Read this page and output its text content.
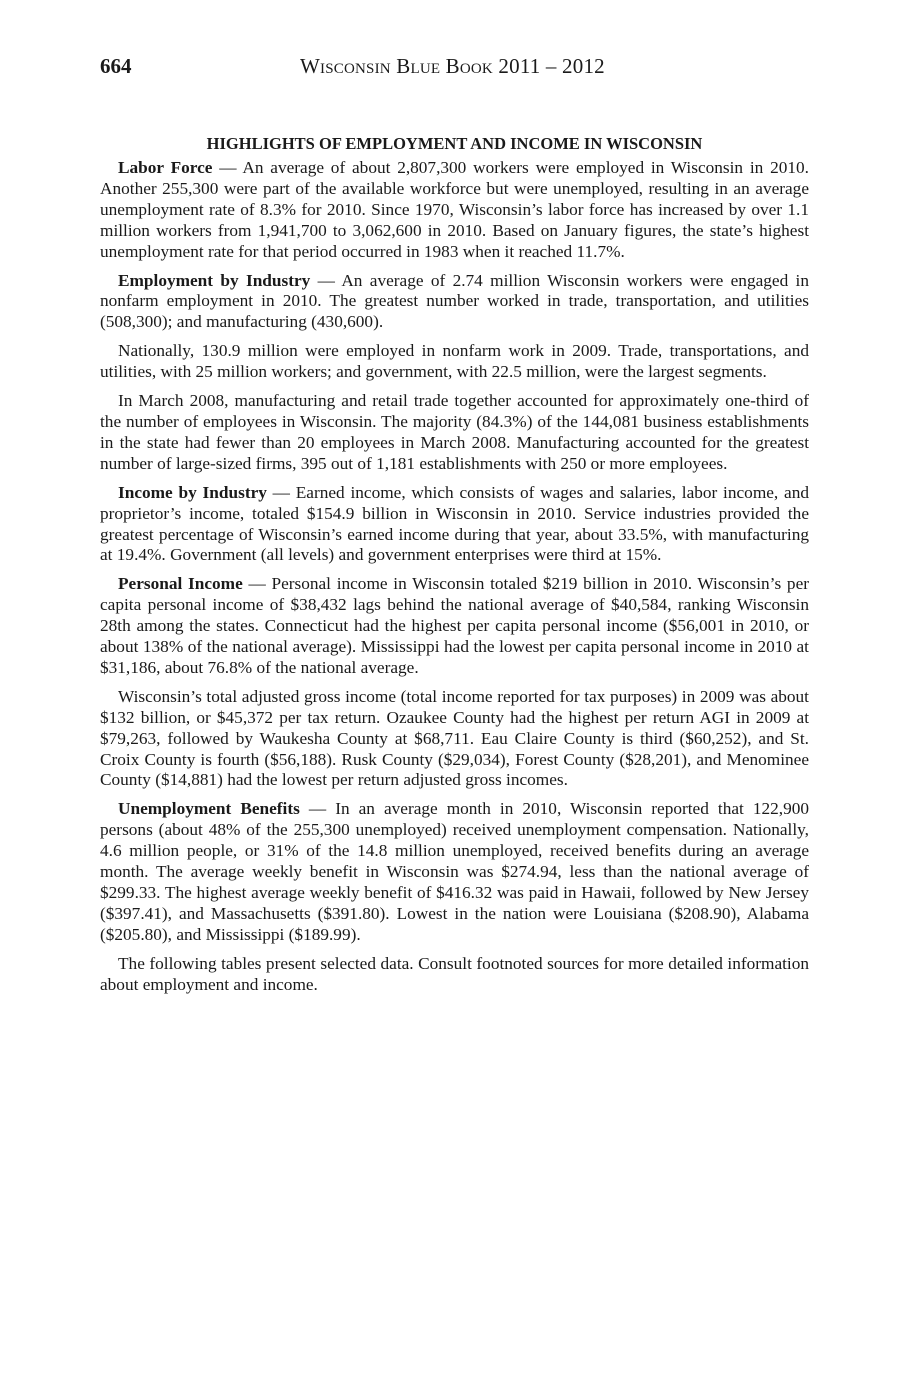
664	Wisconsin Blue Book 2011 – 2012
HIGHLIGHTS OF EMPLOYMENT AND INCOME IN WISCONSIN

Labor Force — An average of about 2,807,300 workers were employed in Wisconsin in 2010. Another 255,300 were part of the available workforce but were unemployed, resulting in an average unemployment rate of 8.3% for 2010. Since 1970, Wisconsin’s labor force has increased by over 1.1 million workers from 1,941,700 to 3,062,600 in 2010. Based on January figures, the state’s highest unemployment rate for that period occurred in 1983 when it reached 11.7%.

Employment by Industry — An average of 2.74 million Wisconsin workers were engaged in nonfarm employment in 2010. The greatest number worked in trade, transportation, and utilities (508,300); and manufacturing (430,600).

Nationally, 130.9 million were employed in nonfarm work in 2009. Trade, transportations, and utilities, with 25 million workers; and government, with 22.5 million, were the largest segments.

In March 2008, manufacturing and retail trade together accounted for approximately one-third of the number of employees in Wisconsin. The majority (84.3%) of the 144,081 business establishments in the state had fewer than 20 employees in March 2008. Manufacturing accounted for the greatest number of large-sized firms, 395 out of 1,181 establishments with 250 or more employees.

Income by Industry — Earned income, which consists of wages and salaries, labor income, and proprietor’s income, totaled $154.9 billion in Wisconsin in 2010. Service industries provided the greatest percentage of Wisconsin’s earned income during that year, about 33.5%, with manufacturing at 19.4%. Government (all levels) and government enterprises were third at 15%.

Personal Income — Personal income in Wisconsin totaled $219 billion in 2010. Wisconsin’s per capita personal income of $38,432 lags behind the national average of $40,584, ranking Wisconsin 28th among the states. Connecticut had the highest per capita personal income ($56,001 in 2010, or about 138% of the national average). Mississippi had the lowest per capita personal income in 2010 at $31,186, about 76.8% of the national average.

Wisconsin’s total adjusted gross income (total income reported for tax purposes) in 2009 was about $132 billion, or $45,372 per tax return. Ozaukee County had the highest per return AGI in 2009 at $79,263, followed by Waukesha County at $68,711. Eau Claire County is third ($60,252), and St. Croix County is fourth ($56,188). Rusk County ($29,034), Forest County ($28,201), and Menominee County ($14,881) had the lowest per return adjusted gross incomes.

Unemployment Benefits — In an average month in 2010, Wisconsin reported that 122,900 persons (about 48% of the 255,300 unemployed) received unemployment compensation. Nationally, 4.6 million people, or 31% of the 14.8 million unemployed, received benefits during an average month. The average weekly benefit in Wisconsin was $274.94, less than the national average of $299.33. The highest average weekly benefit of $416.32 was paid in Hawaii, followed by New Jersey ($397.41), and Massachusetts ($391.80). Lowest in the nation were Louisiana ($208.90), Alabama ($205.80), and Mississippi ($189.99).

The following tables present selected data. Consult footnoted sources for more detailed information about employment and income.
